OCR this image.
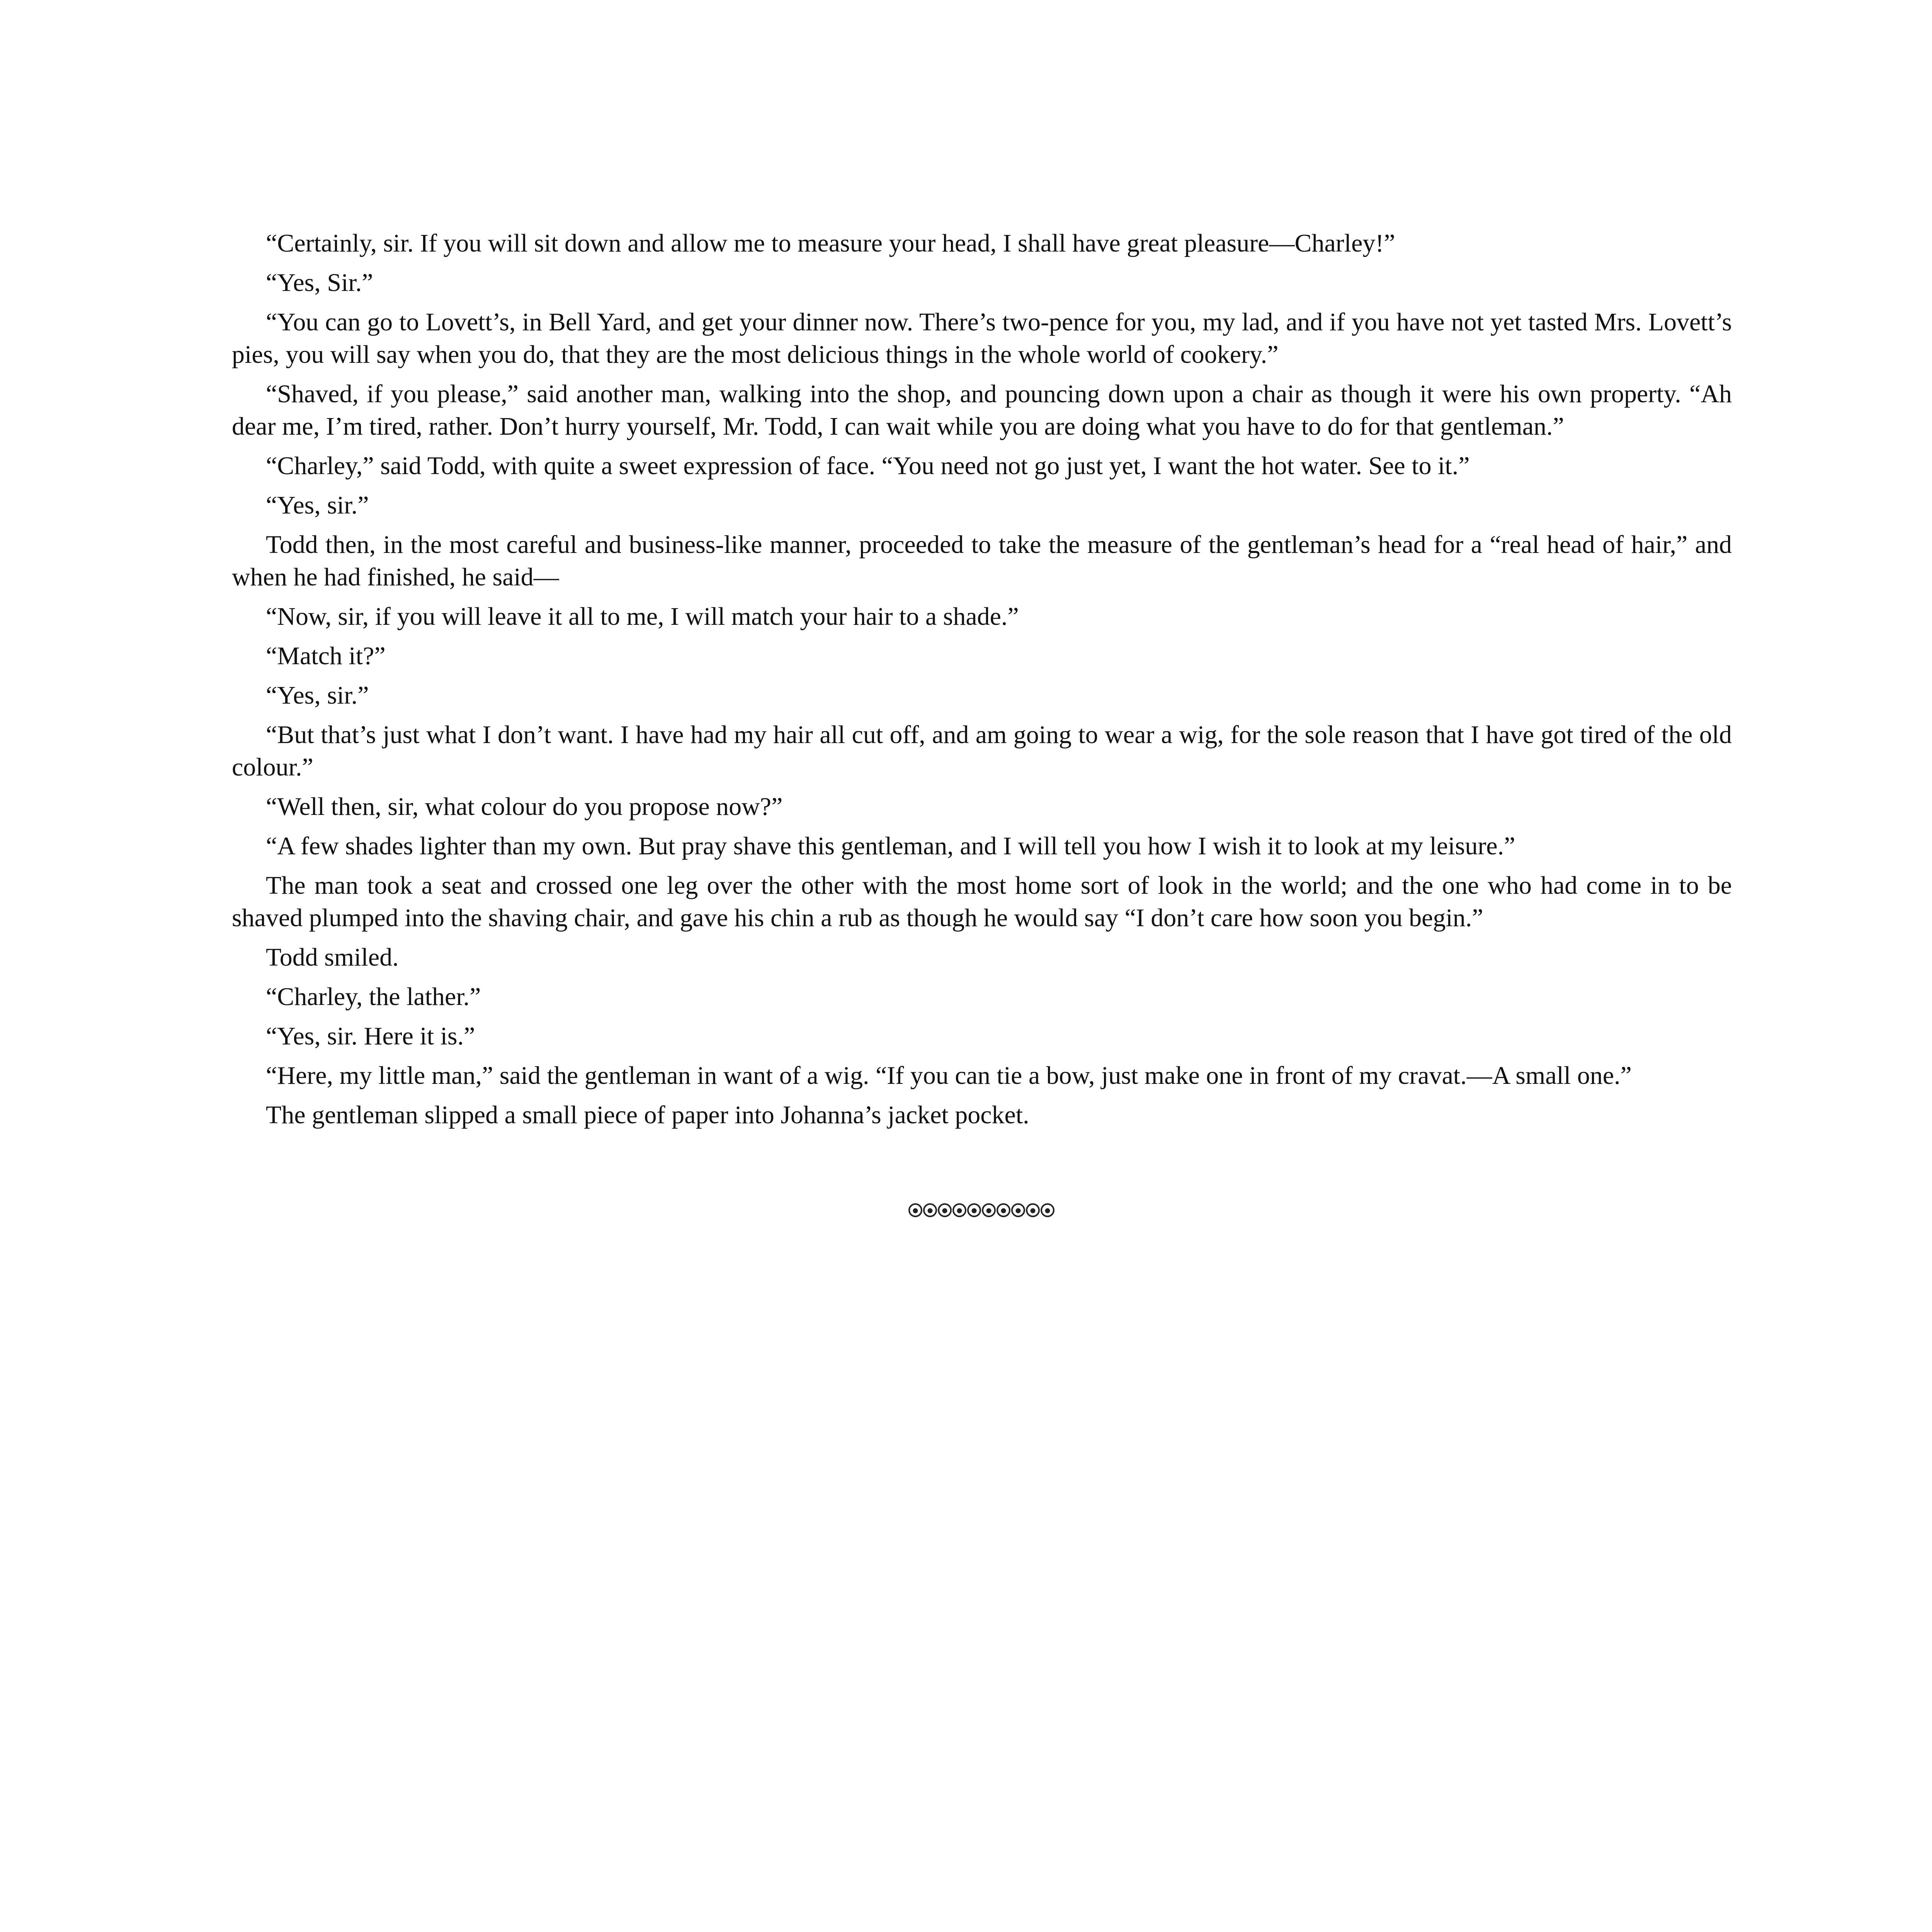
“Certainly, sir. If you will sit down and allow me to measure your head, I shall have great pleasure—Charley!”

“Yes, Sir.”

“You can go to Lovett’s, in Bell Yard, and get your dinner now. There’s two-pence for you, my lad, and if you have not yet tasted Mrs. Lovett’s pies, you will say when you do, that they are the most delicious things in the whole world of cookery.”

“Shaved, if you please,” said another man, walking into the shop, and pouncing down upon a chair as though it were his own property. “Ah dear me, I’m tired, rather. Don’t hurry yourself, Mr. Todd, I can wait while you are doing what you have to do for that gentleman.”

“Charley,” said Todd, with quite a sweet expression of face. “You need not go just yet, I want the hot water. See to it.”

“Yes, sir.”

Todd then, in the most careful and business-like manner, proceeded to take the measure of the gentleman’s head for a “real head of hair,” and when he had finished, he said—

“Now, sir, if you will leave it all to me, I will match your hair to a shade.”

“Match it?”

“Yes, sir.”

“But that’s just what I don’t want. I have had my hair all cut off, and am going to wear a wig, for the sole reason that I have got tired of the old colour.”

“Well then, sir, what colour do you propose now?”

“A few shades lighter than my own. But pray shave this gentleman, and I will tell you how I wish it to look at my leisure.”

The man took a seat and crossed one leg over the other with the most home sort of look in the world; and the one who had come in to be shaved plumped into the shaving chair, and gave his chin a rub as though he would say “I don’t care how soon you begin.”

Todd smiled.

“Charley, the lather.”

“Yes, sir. Here it is.”

“Here, my little man,” said the gentleman in want of a wig. “If you can tie a bow, just make one in front of my cravat.—A small one.”

The gentleman slipped a small piece of paper into Johanna’s jacket pocket.
